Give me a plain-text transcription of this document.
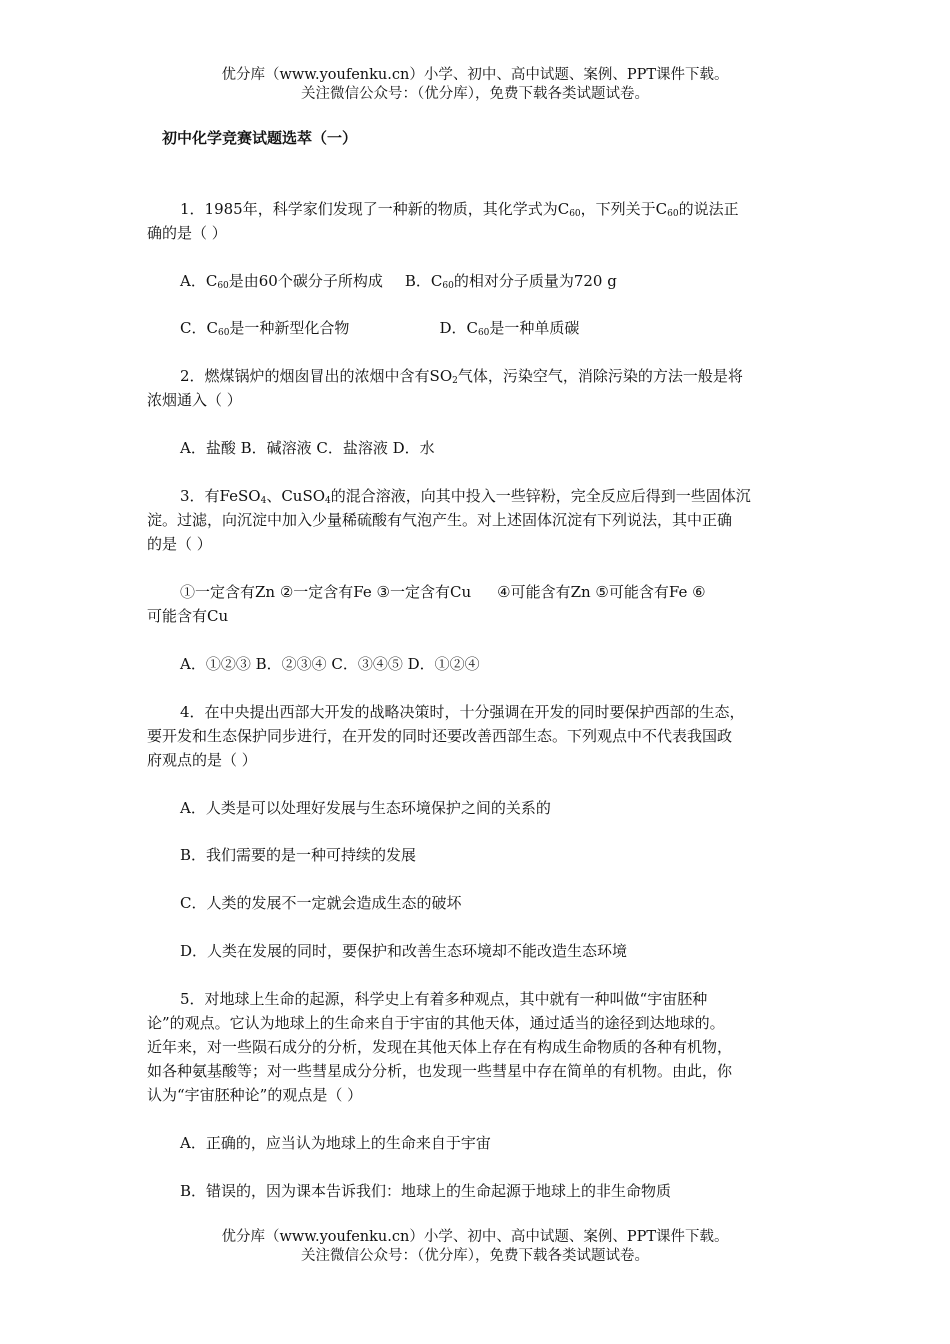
优分库（www.youfenku.cn）小学、初中、高中试题、案例、PPT课件下载。
关注微信公众号：（优分库），免费下载各类试题试卷。
初中化学竞赛试题选萃（一）
1．1985年，科学家们发现了一种新的物质，其化学式为$C_{60}$，下列关于$C_{60}$的说法正
确的是（ ）
A．$C_{60}$是由60个碳分子所构成 B．$C_{60}$的相对分子质量为720 g
C．$C_{60}$是一种新型化合物	D．$C_{60}$是一种单质碳
2．燃煤锅炉的烟囱冒出的浓烟中含有$SO_2$气体，污染空气，消除污染的方法一般是将
浓烟通入（ ）
A．盐酸 B．碱溶液 C．盐溶液 D．水
3．有FeSO$_4$、CuSO$_4$的混合溶液，向其中投入一些锌粉，完全反应后得到一些固体沉
淀。过滤，向沉淀中加入少量稀硫酸有气泡产生。对上述固体沉淀有下列说法，其中正确
的是（ ）
①一定含有Zn ②一定含有Fe ③一定含有Cu ④可能含有Zn ⑤可能含有Fe ⑥
可能含有Cu
A．①②③ B．②③④ C．③④⑤ D．①②④
4．在中央提出西部大开发的战略决策时，十分强调在开发的同时要保护西部的生态，
要开发和生态保护同步进行，在开发的同时还要改善西部生态。下列观点中不代表我国政
府观点的是（ ）
A．人类是可以处理好发展与生态环境保护之间的关系的
B．我们需要的是一种可持续的发展
C．人类的发展不一定就会造成生态的破坏
D．人类在发展的同时，要保护和改善生态环境却不能改造生态环境
5．对地球上生命的起源，科学史上有着多种观点，其中就有一种叫做“宇宙胚种
论”的观点。它认为地球上的生命来自于宇宙的其他天体，通过适当的途径到达地球的。
近年来，对一些陨石成分的分析，发现在其他天体上存在有构成生命物质的各种有机物，
如各种氨基酸等；对一些彗星成分分析，也发现一些彗星中存在简单的有机物。由此，你
认为“宇宙胚种论”的观点是（ ）
A．正确的，应当认为地球上的生命来自于宇宙
B．错误的，因为课本告诉我们：地球上的生命起源于地球上的非生命物质
优分库（www.youfenku.cn）小学、初中、高中试题、案例、PPT课件下载。
关注微信公众号：（优分库），免费下载各类试题试卷。
